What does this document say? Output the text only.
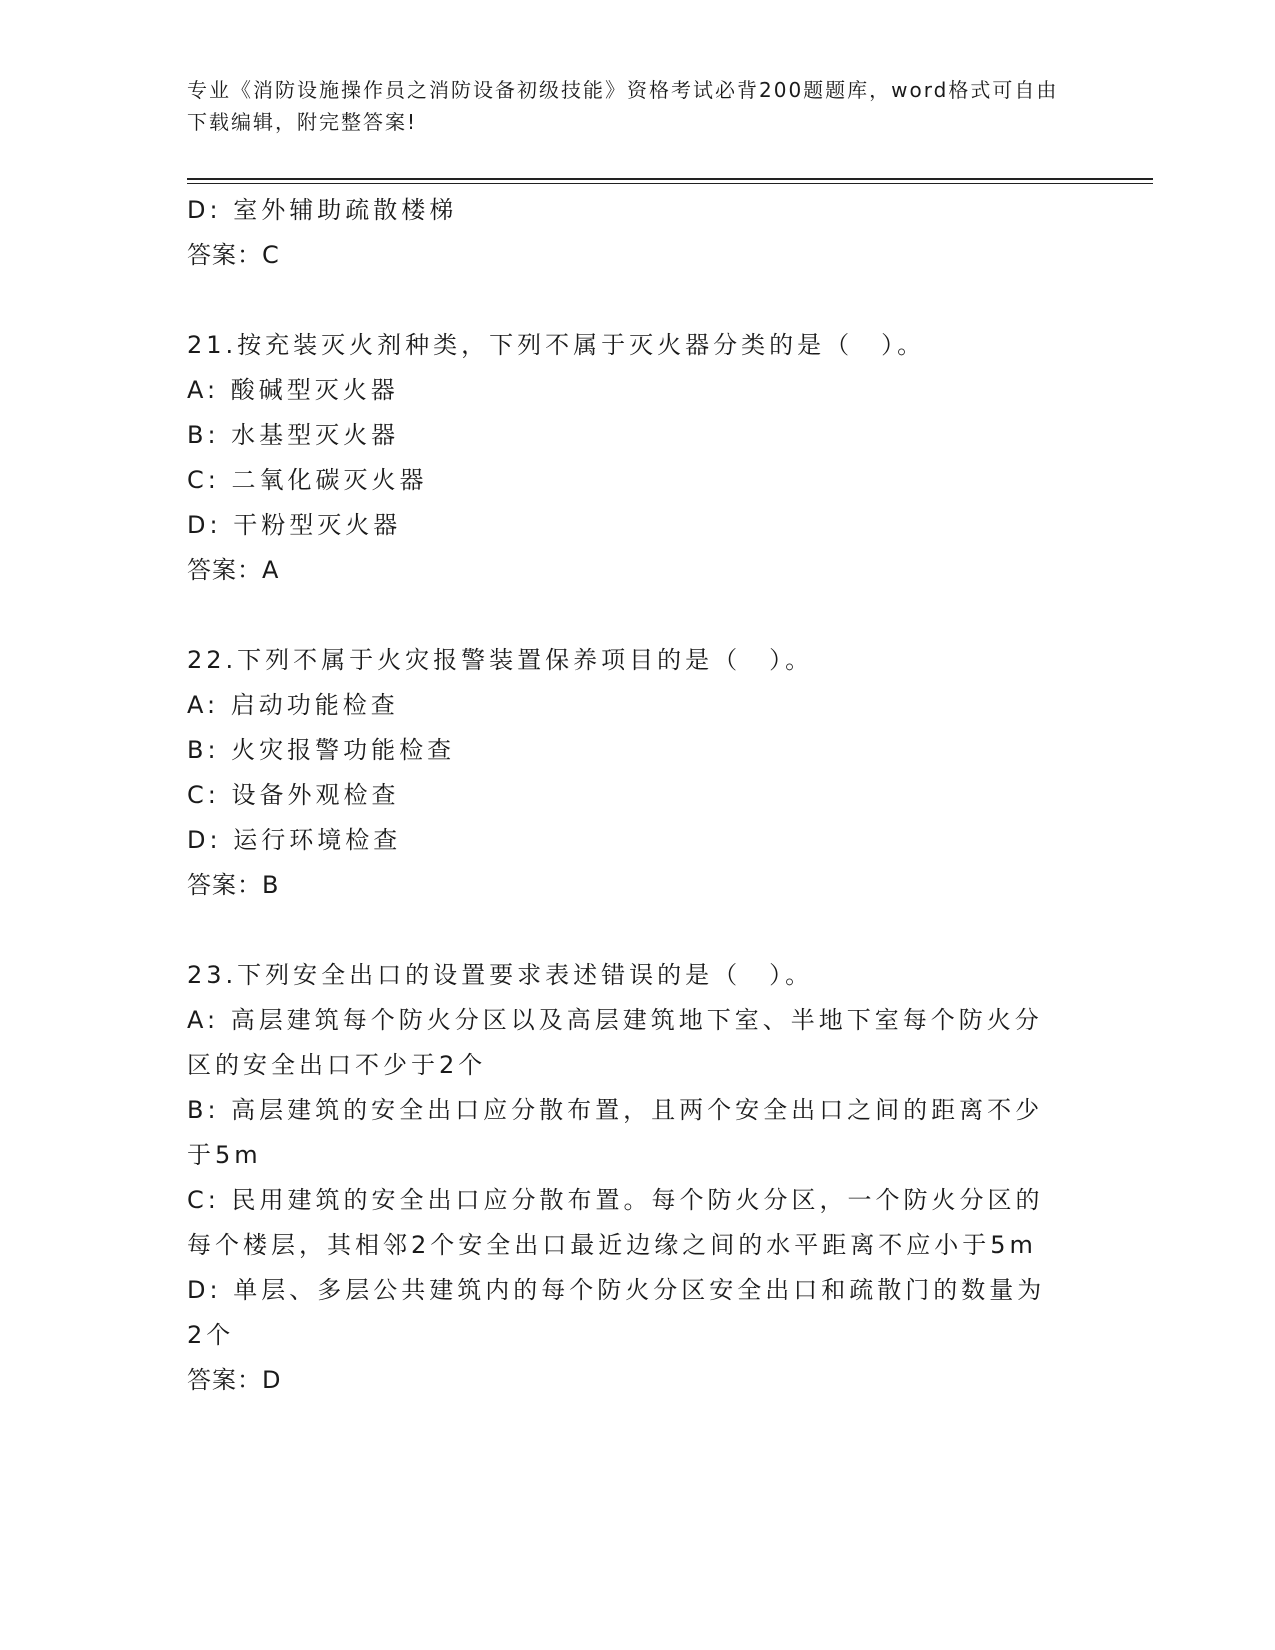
专业《消防设施操作员之消防设备初级技能》资格考试必背200题题库，word格式可自由下载编辑，附完整答案!

D: 室外辅助疏散楼梯

答案：C

21.按充装灭火剂种类，下列不属于灭火器分类的是（　）。

A: 酸碱型灭火器

B: 水基型灭火器

C: 二氧化碳灭火器

D: 干粉型灭火器

答案：A

22.下列不属于火灾报警装置保养项目的是（　）。

A: 启动功能检查

B: 火灾报警功能检查

C: 设备外观检查

D: 运行环境检查

答案：B

23.下列安全出口的设置要求表述错误的是（　）。

A: 高层建筑每个防火分区以及高层建筑地下室、半地下室每个防火分

区的安全出口不少于2个

B: 高层建筑的安全出口应分散布置，且两个安全出口之间的距离不少

于5m

C: 民用建筑的安全出口应分散布置。每个防火分区，一个防火分区的

每个楼层，其相邻2个安全出口最近边缘之间的水平距离不应小于5m

D: 单层、多层公共建筑内的每个防火分区安全出口和疏散门的数量为

2个

答案：D
